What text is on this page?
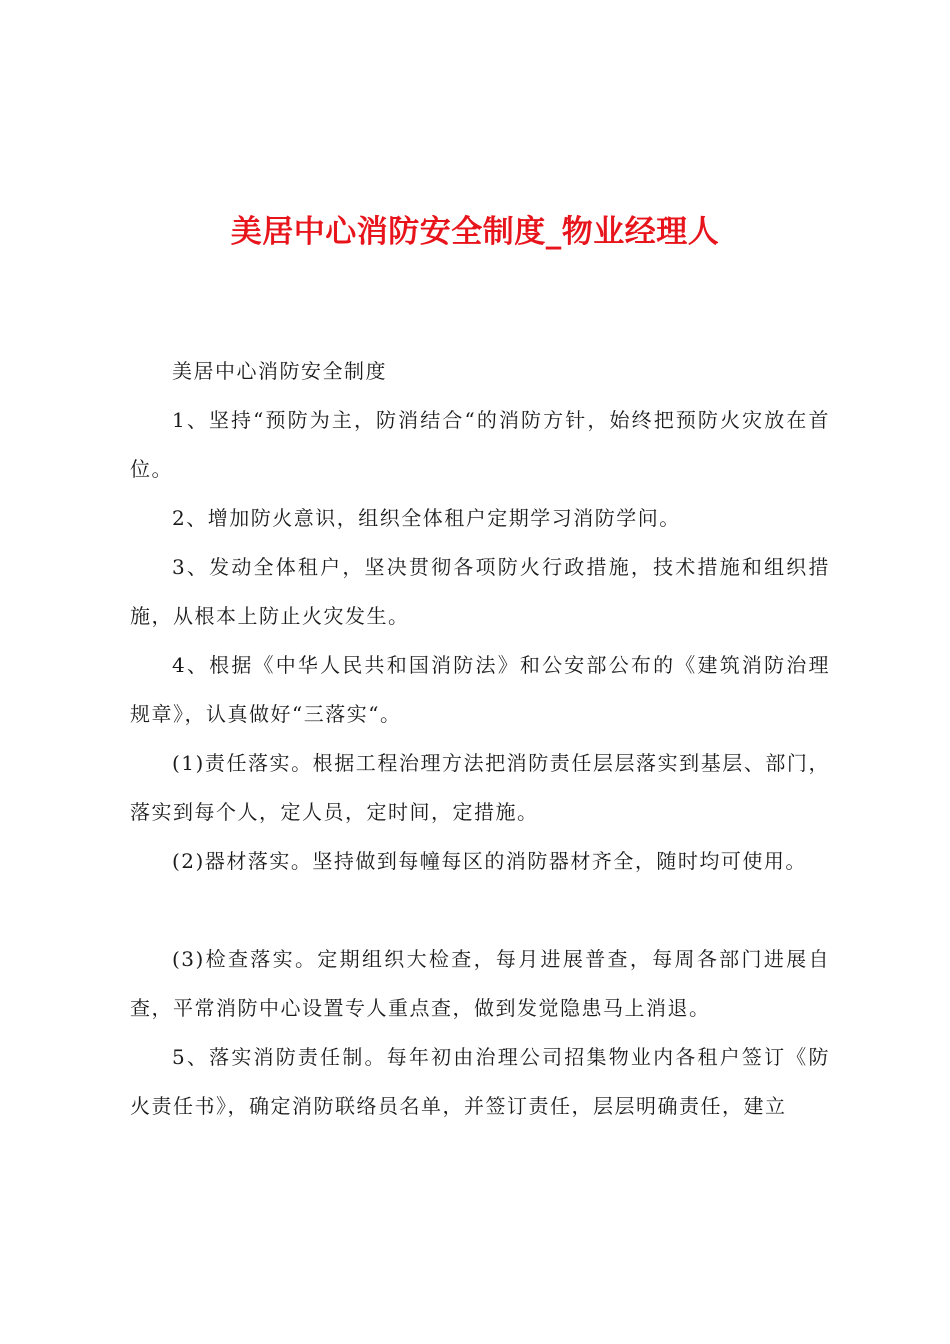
美居中心消防安全制度_物业经理人

美居中心消防安全制度

1、坚持“预防为主，防消结合“的消防方针，始终把预防火灾放在首位。

2、增加防火意识，组织全体租户定期学习消防学问。

3、发动全体租户，坚决贯彻各项防火行政措施，技术措施和组织措施，从根本上防止火灾发生。

4、根据《中华人民共和国消防法》和公安部公布的《建筑消防治理规章》，认真做好“三落实“。

(1)责任落实。根据工程治理方法把消防责任层层落实到基层、部门，落实到每个人，定人员，定时间，定措施。

(2)器材落实。坚持做到每幢每区的消防器材齐全，随时均可使用。

(3)检查落实。定期组织大检查，每月进展普查，每周各部门进展自查，平常消防中心设置专人重点查，做到发觉隐患马上消退。

5、落实消防责任制。每年初由治理公司招集物业内各租户签订《防火责任书》，确定消防联络员名单，并签订责任，层层明确责任，建立
